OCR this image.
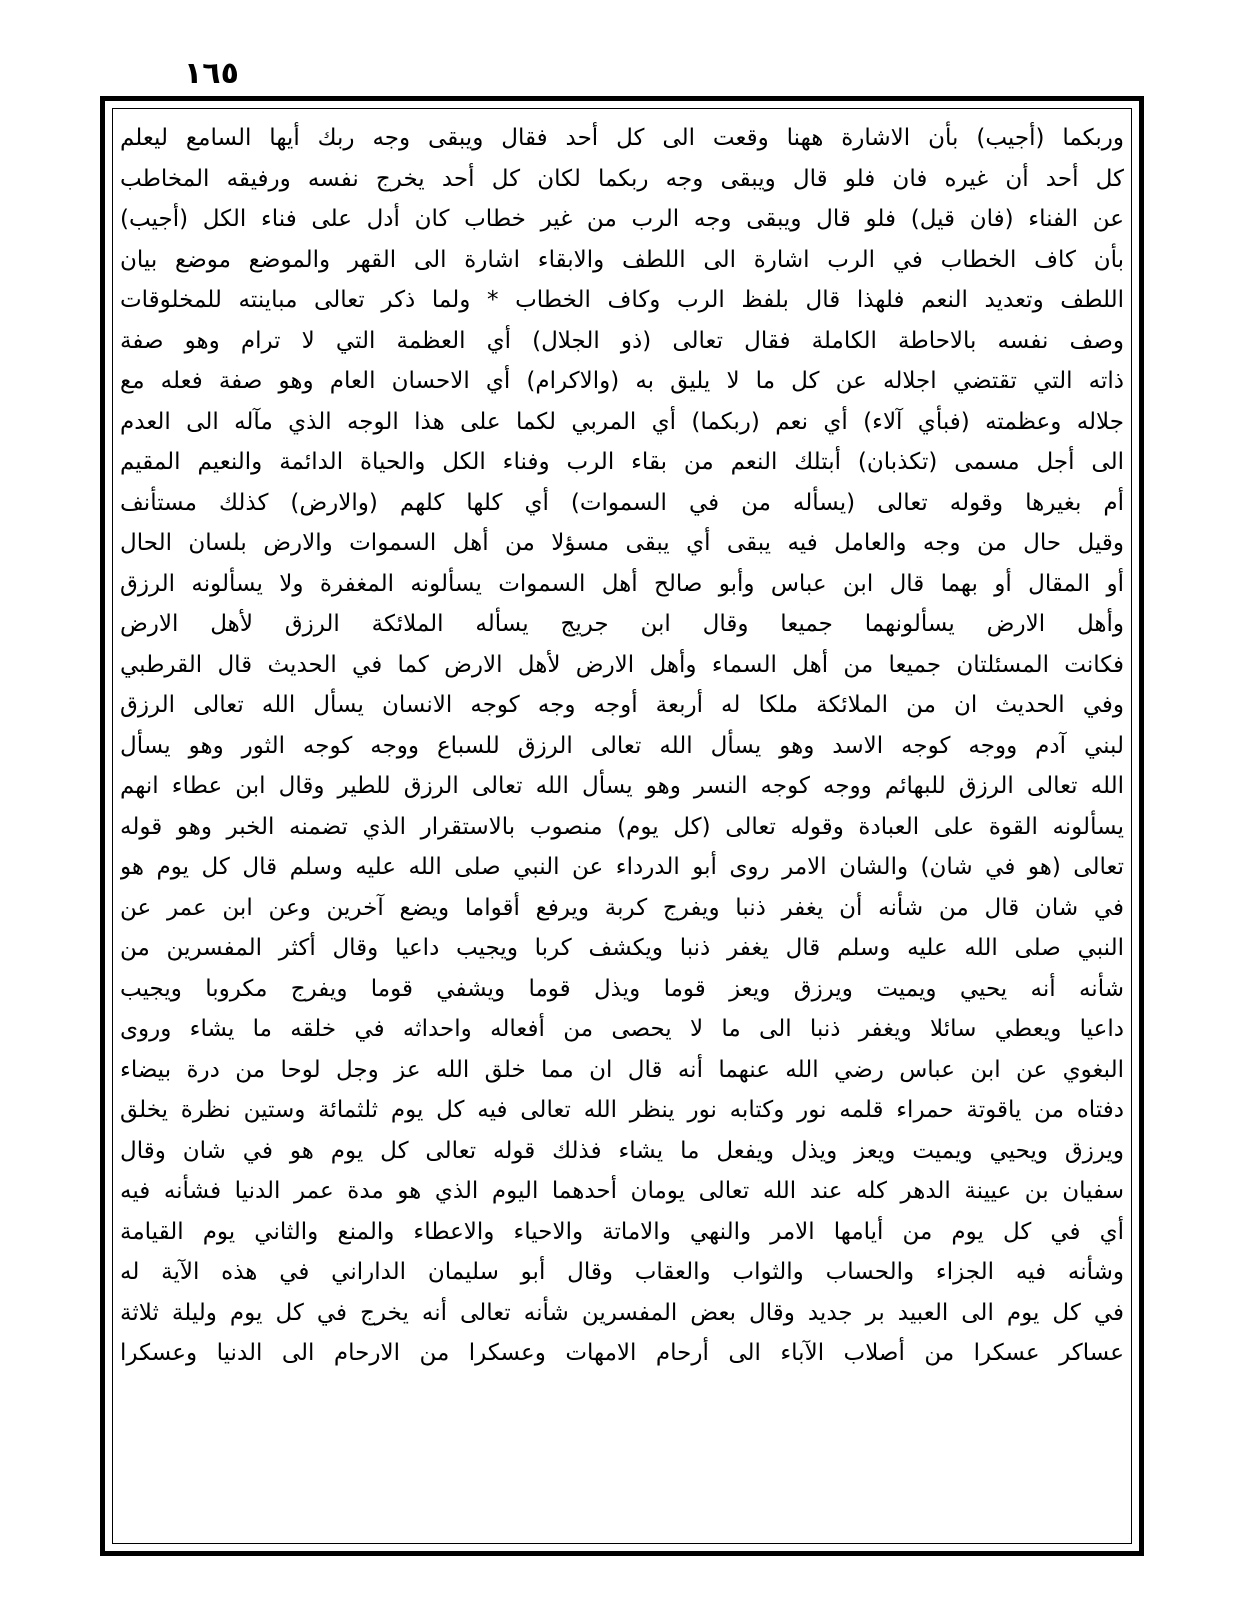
١٦٥
وربكما (أجيب) بأن الاشارة ههنا وقعت الى كل أحد فقال ويبقى وجه ربك أيها السامع ليعلم
كل أحد أن غيره فان فلو قال ويبقى وجه ربكما لكان كل أحد يخرج نفسه ورفيقه المخاطب
عن الفناء (فان قيل) فلو قال ويبقى وجه الرب من غير خطاب كان أدل على فناء الكل (أجيب)
بأن كاف الخطاب في الرب اشارة الى اللطف والابقاء اشارة الى القهر والموضع موضع بيان
اللطف وتعديد النعم فلهذا قال بلفظ الرب وكاف الخطاب * ولما ذكر تعالى مباينته للمخلوقات
وصف نفسه بالاحاطة الكاملة فقال تعالى (ذو الجلال) أي العظمة التي لا ترام وهو صفة
ذاته التي تقتضي اجلاله عن كل ما لا يليق به (والاكرام) أي الاحسان العام وهو صفة فعله مع
جلاله وعظمته (فبأي آلاء) أي نعم (ربكما) أي المربي لكما على هذا الوجه الذي مآله الى العدم
الى أجل مسمى (تكذبان) أبتلك النعم من بقاء الرب وفناء الكل والحياة الدائمة والنعيم المقيم
أم بغيرها وقوله تعالى (يسأله من في السموات) أي كلها كلهم (والارض) كذلك مستأنف
وقيل حال من وجه والعامل فيه يبقى أي يبقى مسؤلا من أهل السموات والارض بلسان الحال
أو المقال أو بهما قال ابن عباس وأبو صالح أهل السموات يسألونه المغفرة ولا يسألونه الرزق
وأهل الارض يسألونهما جميعا وقال ابن جريج يسأله الملائكة الرزق لأهل الارض
فكانت المسئلتان جميعا من أهل السماء وأهل الارض لأهل الارض كما في الحديث قال القرطبي
وفي الحديث ان من الملائكة ملكا له أربعة أوجه وجه كوجه الانسان يسأل الله تعالى الرزق
لبني آدم ووجه كوجه الاسد وهو يسأل الله تعالى الرزق للسباع ووجه كوجه الثور وهو يسأل
الله تعالى الرزق للبهائم ووجه كوجه النسر وهو يسأل الله تعالى الرزق للطير وقال ابن عطاء انهم
يسألونه القوة على العبادة وقوله تعالى (كل يوم) منصوب بالاستقرار الذي تضمنه الخبر وهو قوله
تعالى (هو في شان) والشان الامر روى أبو الدرداء عن النبي صلى الله عليه وسلم قال كل يوم هو
في شان قال من شأنه أن يغفر ذنبا ويفرج كربة ويرفع أقواما ويضع آخرين وعن ابن عمر عن
النبي صلى الله عليه وسلم قال يغفر ذنبا ويكشف كربا ويجيب داعيا وقال أكثر المفسرين من
شأنه أنه يحيي ويميت ويرزق ويعز قوما ويذل قوما ويشفي قوما ويفرج مكروبا ويجيب
داعيا ويعطي سائلا ويغفر ذنبا الى ما لا يحصى من أفعاله واحداثه في خلقه ما يشاء وروى
البغوي عن ابن عباس رضي الله عنهما أنه قال ان مما خلق الله عز وجل لوحا من درة بيضاء
دفتاه من ياقوتة حمراء قلمه نور وكتابه نور ينظر الله تعالى فيه كل يوم ثلثمائة وستين نظرة يخلق
ويرزق ويحيي ويميت ويعز ويذل ويفعل ما يشاء فذلك قوله تعالى كل يوم هو في شان وقال
سفيان بن عيينة الدهر كله عند الله تعالى يومان أحدهما اليوم الذي هو مدة عمر الدنيا فشأنه فيه
أي في كل يوم من أيامها الامر والنهي والاماتة والاحياء والاعطاء والمنع والثاني يوم القيامة
وشأنه فيه الجزاء والحساب والثواب والعقاب وقال أبو سليمان الداراني في هذه الآية له
في كل يوم الى العبيد بر جديد وقال بعض المفسرين شأنه تعالى أنه يخرج في كل يوم وليلة ثلاثة
عساكر عسكرا من أصلاب الآباء الى أرحام الامهات وعسكرا من الارحام الى الدنيا وعسكرا
